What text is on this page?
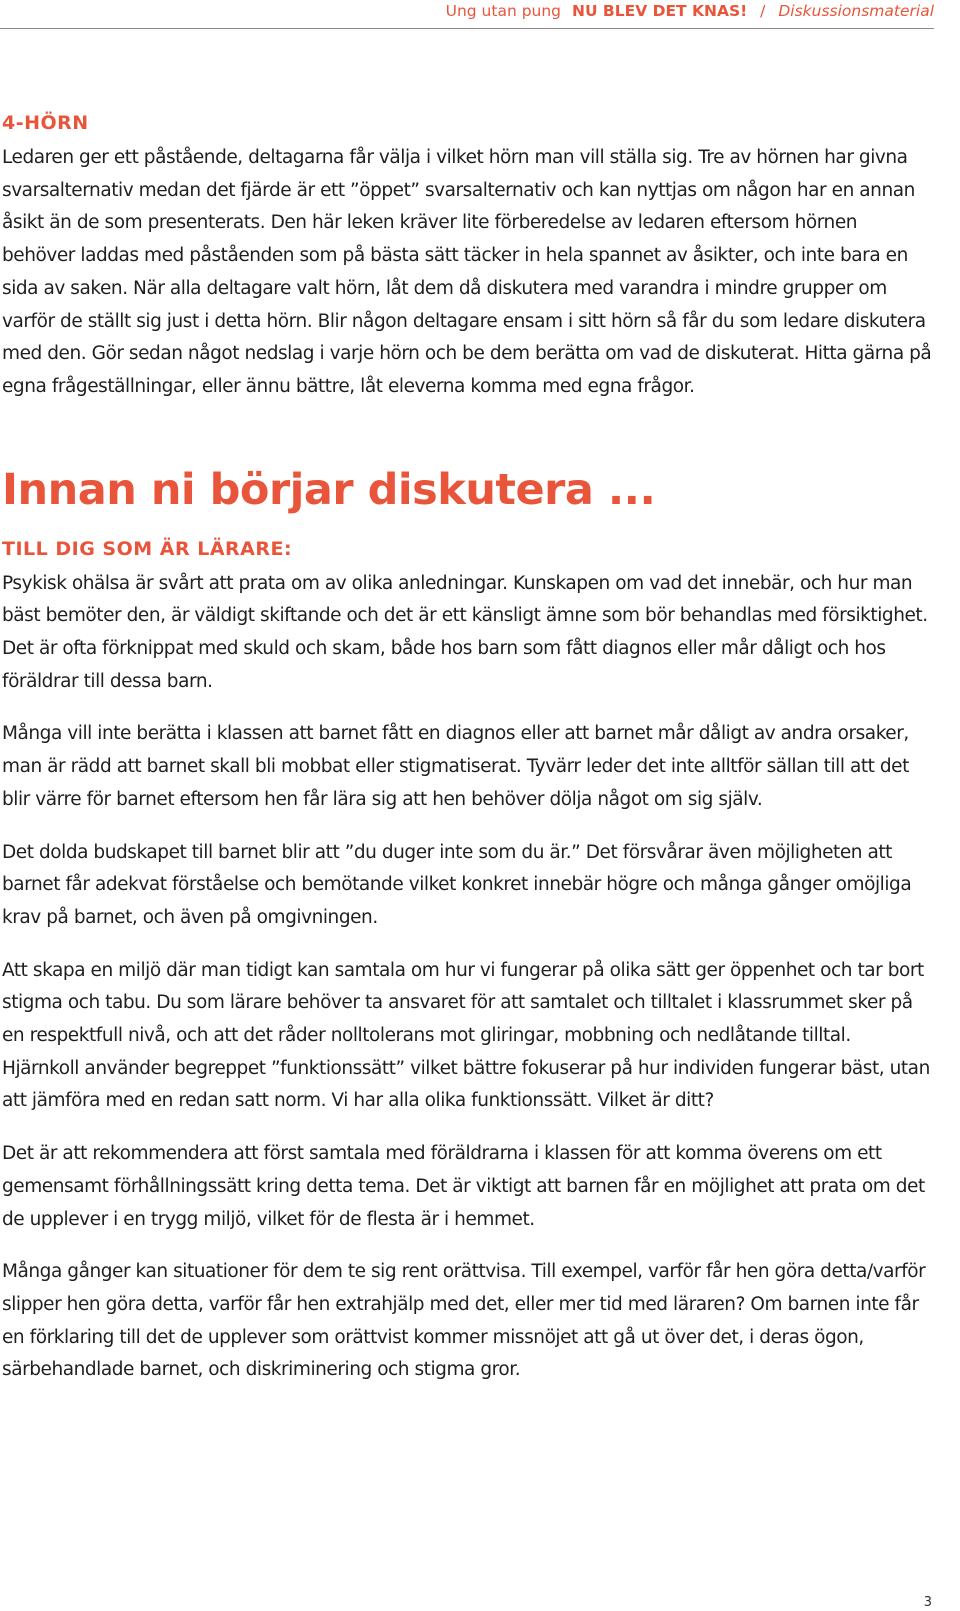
Ung utan pung NU BLEV DET KNAS! / Diskussionsmaterial
4-HÖRN

Ledaren ger ett påstående, deltagarna får välja i vilket hörn man vill ställa sig. Tre av hörnen har givna svarsalternativ medan det fjärde är ett ”öppet” svarsalternativ och kan nyttjas om någon har en annan åsikt än de som presenterats. Den här leken kräver lite förberedelse av ledaren eftersom hörnen behöver laddas med påståenden som på bästa sätt täcker in hela spannet av åsikter, och inte bara en sida av saken. När alla deltagare valt hörn, låt dem då diskutera med varandra i mindre grupper om varför de ställt sig just i detta hörn. Blir någon deltagare ensam i sitt hörn så får du som ledare diskutera med den. Gör sedan något nedslag i varje hörn och be dem berätta om vad de diskuterat. Hitta gärna på egna frågeställningar, eller ännu bättre, låt eleverna komma med egna frågor.

Innan ni börjar diskutera ...
TILL DIG SOM ÄR LÄRARE:

Psykisk ohälsa är svårt att prata om av olika anledningar. Kunskapen om vad det innebär, och hur man bäst bemöter den, är väldigt skiftande och det är ett känsligt ämne som bör behandlas med försiktighet. Det är ofta förknippat med skuld och skam, både hos barn som fått diagnos eller mår dåligt och hos föräldrar till dessa barn.

Många vill inte berätta i klassen att barnet fått en diagnos eller att barnet mår dåligt av andra orsaker, man är rädd att barnet skall bli mobbat eller stigmatiserat. Tyvärr leder det inte alltför sällan till att det blir värre för barnet eftersom hen får lära sig att hen behöver dölja något om sig själv.

Det dolda budskapet till barnet blir att ”du duger inte som du är.” Det försvårar även möjligheten att barnet får adekvat förståelse och bemötande vilket konkret innebär högre och många gånger omöjliga krav på barnet, och även på omgivningen.

Att skapa en miljö där man tidigt kan samtala om hur vi fungerar på olika sätt ger öppenhet och tar bort stigma och tabu. Du som lärare behöver ta ansvaret för att samtalet och tilltalet i klassrummet sker på en respektfull nivå, och att det råder nolltolerans mot gliringar, mobbning och nedlåtande tilltal. Hjärnkoll använder begreppet ”funktionssätt” vilket bättre fokuserar på hur individen fungerar bäst, utan att jämföra med en redan satt norm. Vi har alla olika funktionssätt. Vilket är ditt?

Det är att rekommendera att först samtala med föräldrarna i klassen för att komma överens om ett gemensamt förhållningssätt kring detta tema. Det är viktigt att barnen får en möjlighet att prata om det de upplever i en trygg miljö, vilket för de flesta är i hemmet.

Många gånger kan situationer för dem te sig rent orättvisa. Till exempel, varför får hen göra detta/varför slipper hen göra detta, varför får hen extrahjälp med det, eller mer tid med läraren? Om barnen inte får en förklaring till det de upplever som orättvist kommer missnöjet att gå ut över det, i deras ögon, särbehandlade barnet, och diskriminering och stigma gror.

3
